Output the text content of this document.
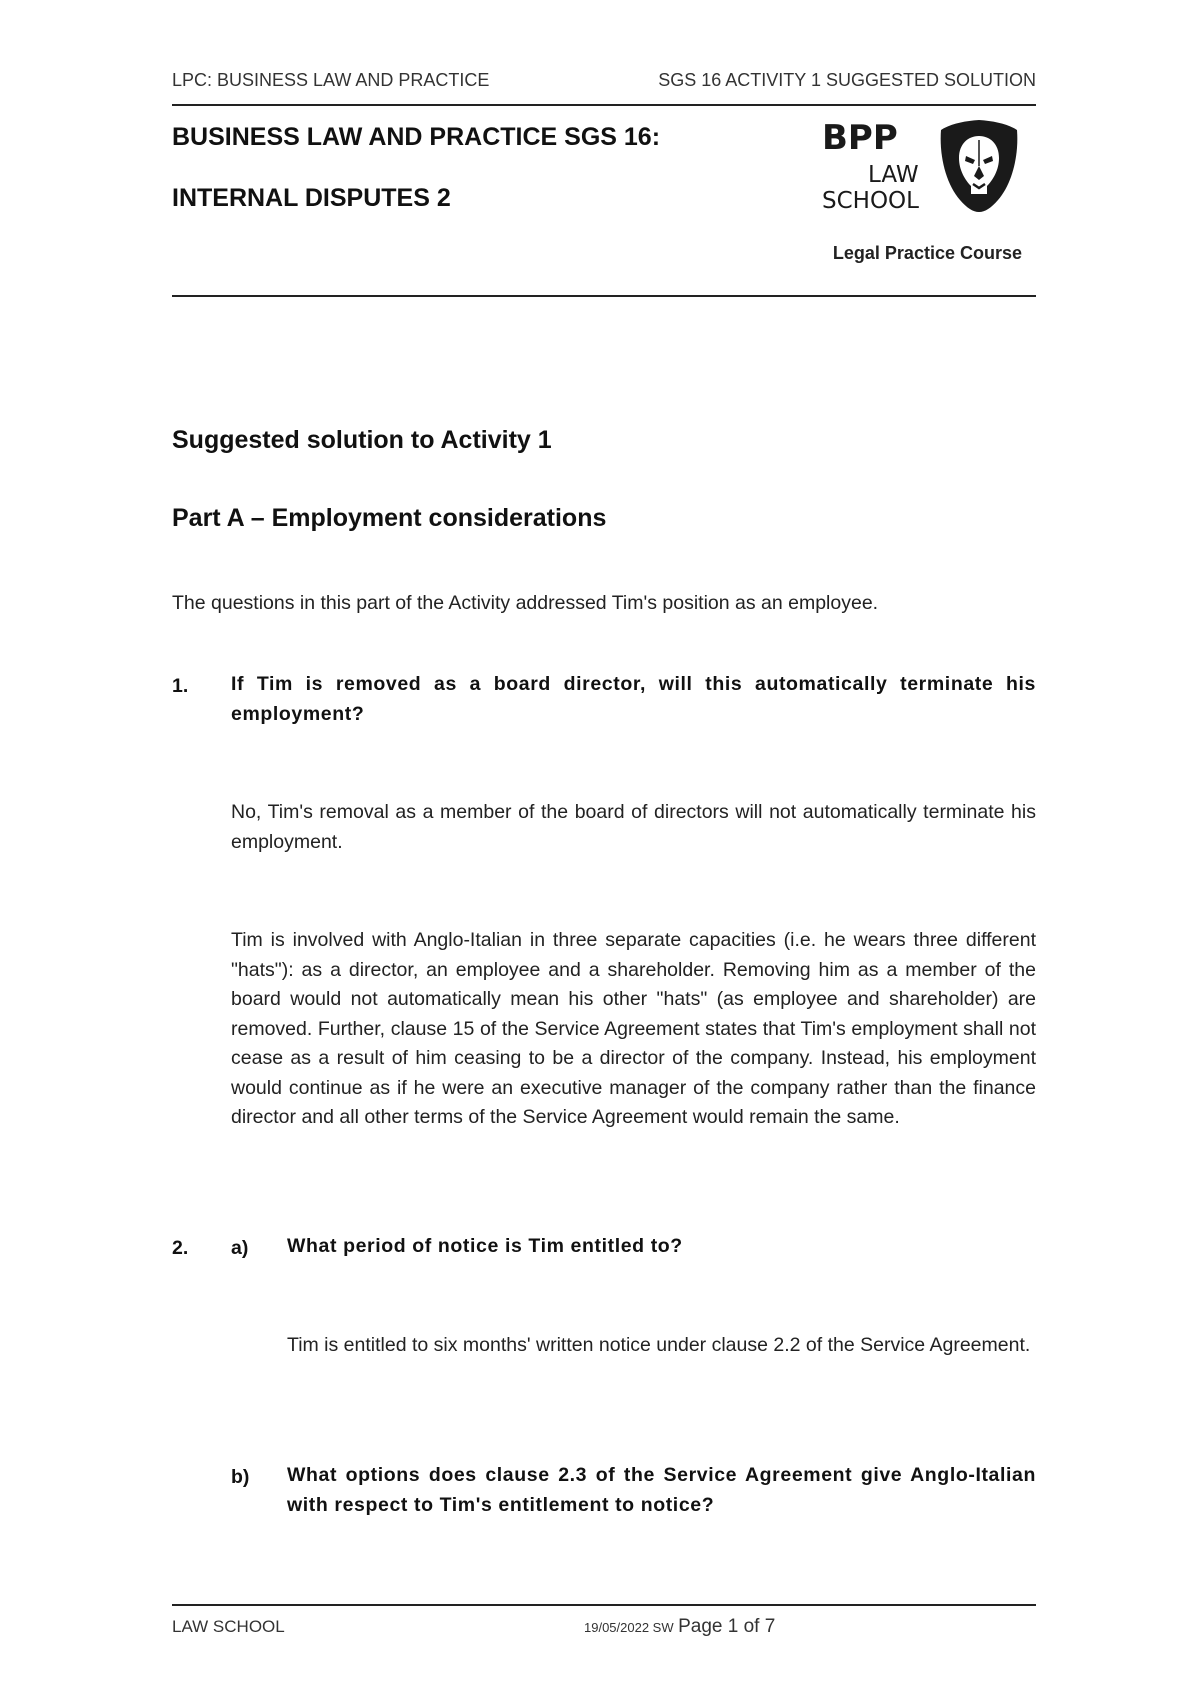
LPC: BUSINESS LAW AND PRACTICE	SGS 16 ACTIVITY 1 SUGGESTED SOLUTION
BUSINESS LAW AND PRACTICE SGS 16:
INTERNAL DISPUTES 2
BPP
LAW
SCHOOL
Legal Practice Course
Suggested solution to Activity 1
Part A – Employment considerations
The questions in this part of the Activity addressed Tim's position as an employee.
1. If Tim is removed as a board director, will this automatically terminate his employment?
No, Tim's removal as a member of the board of directors will not automatically terminate his employment.
Tim is involved with Anglo-Italian in three separate capacities (i.e. he wears three different "hats"): as a director, an employee and a shareholder. Removing him as a member of the board would not automatically mean his other "hats" (as employee and shareholder) are removed. Further, clause 15 of the Service Agreement states that Tim's employment shall not cease as a result of him ceasing to be a director of the company. Instead, his employment would continue as if he were an executive manager of the company rather than the finance director and all other terms of the Service Agreement would remain the same.
2. a) What period of notice is Tim entitled to?
Tim is entitled to six months' written notice under clause 2.2 of the Service Agreement.
b) What options does clause 2.3 of the Service Agreement give Anglo-Italian with respect to Tim's entitlement to notice?
LAW SCHOOL	19/05/2022 SW Page 1 of 7
